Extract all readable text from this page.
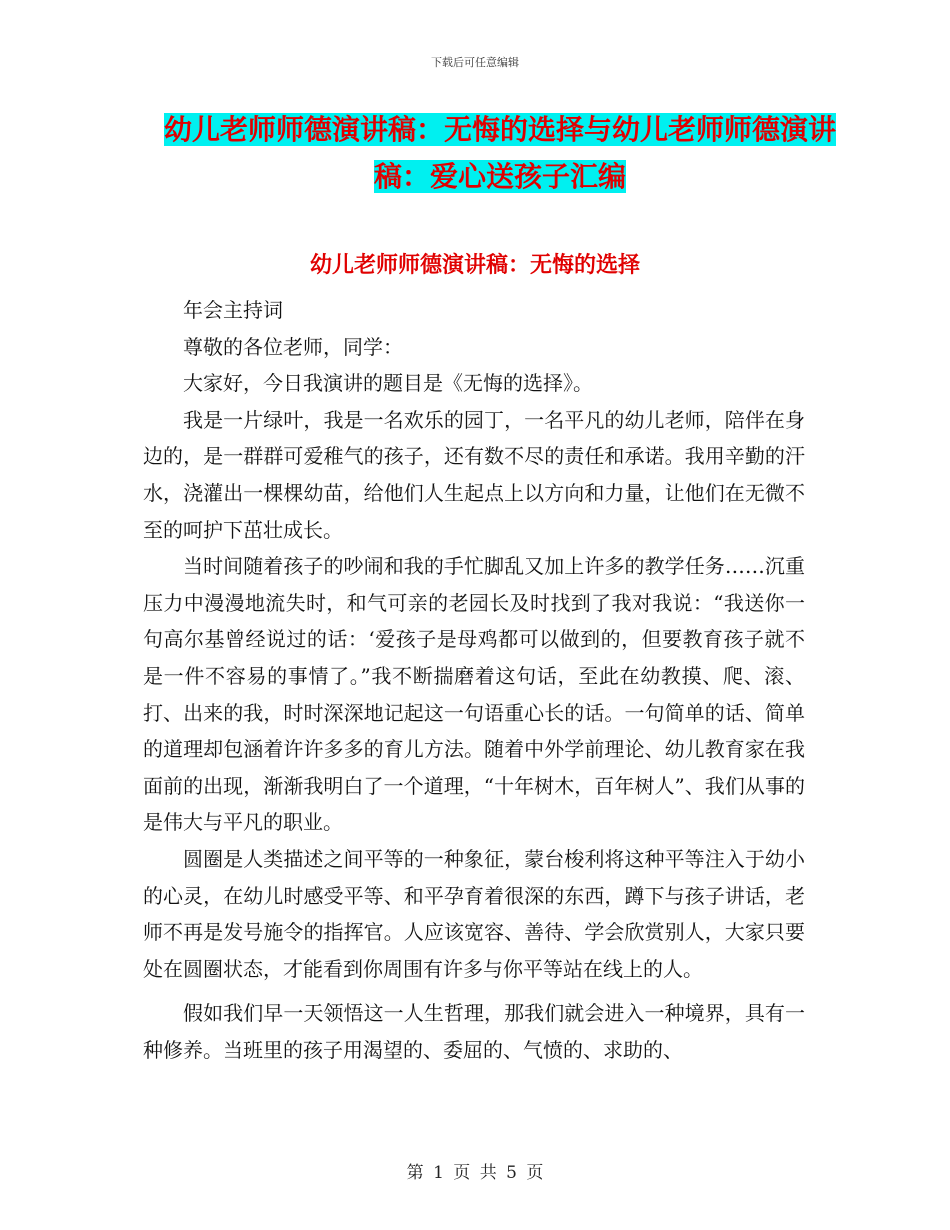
下载后可任意编辑
幼儿老师师德演讲稿：无悔的选择与幼儿老师师德演讲稿：爱心送孩子汇编
幼儿老师师德演讲稿：无悔的选择

年会主持词

尊敬的各位老师，同学：

大家好，今日我演讲的题目是《无悔的选择》。

我是一片绿叶，我是一名欢乐的园丁，一名平凡的幼儿老师，陪伴在身边的，是一群群可爱稚气的孩子，还有数不尽的责任和承诺。我用辛勤的汗水，浇灌出一棵棵幼苗，给他们人生起点上以方向和力量，让他们在无微不至的呵护下茁壮成长。

当时间随着孩子的吵闹和我的手忙脚乱又加上许多的教学任务……沉重压力中漫漫地流失时，和气可亲的老园长及时找到了我对我说：“我送你一句高尔基曾经说过的话：‘爱孩子是母鸡都可以做到的，但要教育孩子就不是一件不容易的事情了。”我不断揣磨着这句话，至此在幼教摸、爬、滚、打、出来的我，时时深深地记起这一句语重心长的话。一句简单的话、简单的道理却包涵着许许多多的育儿方法。随着中外学前理论、幼儿教育家在我面前的出现，渐渐我明白了一个道理，“十年树木，百年树人”、我们从事的是伟大与平凡的职业。

圆圈是人类描述之间平等的一种象征，蒙台梭利将这种平等注入于幼小的心灵，在幼儿时感受平等、和平孕育着很深的东西，蹲下与孩子讲话，老师不再是发号施令的指挥官。人应该宽容、善待、学会欣赏别人，大家只要处在圆圈状态，才能看到你周围有许多与你平等站在线上的人。

假如我们早一天领悟这一人生哲理，那我们就会进入一种境界，具有一种修养。当班里的孩子用渴望的、委屈的、气愤的、求助的、

第 1 页 共 5 页
